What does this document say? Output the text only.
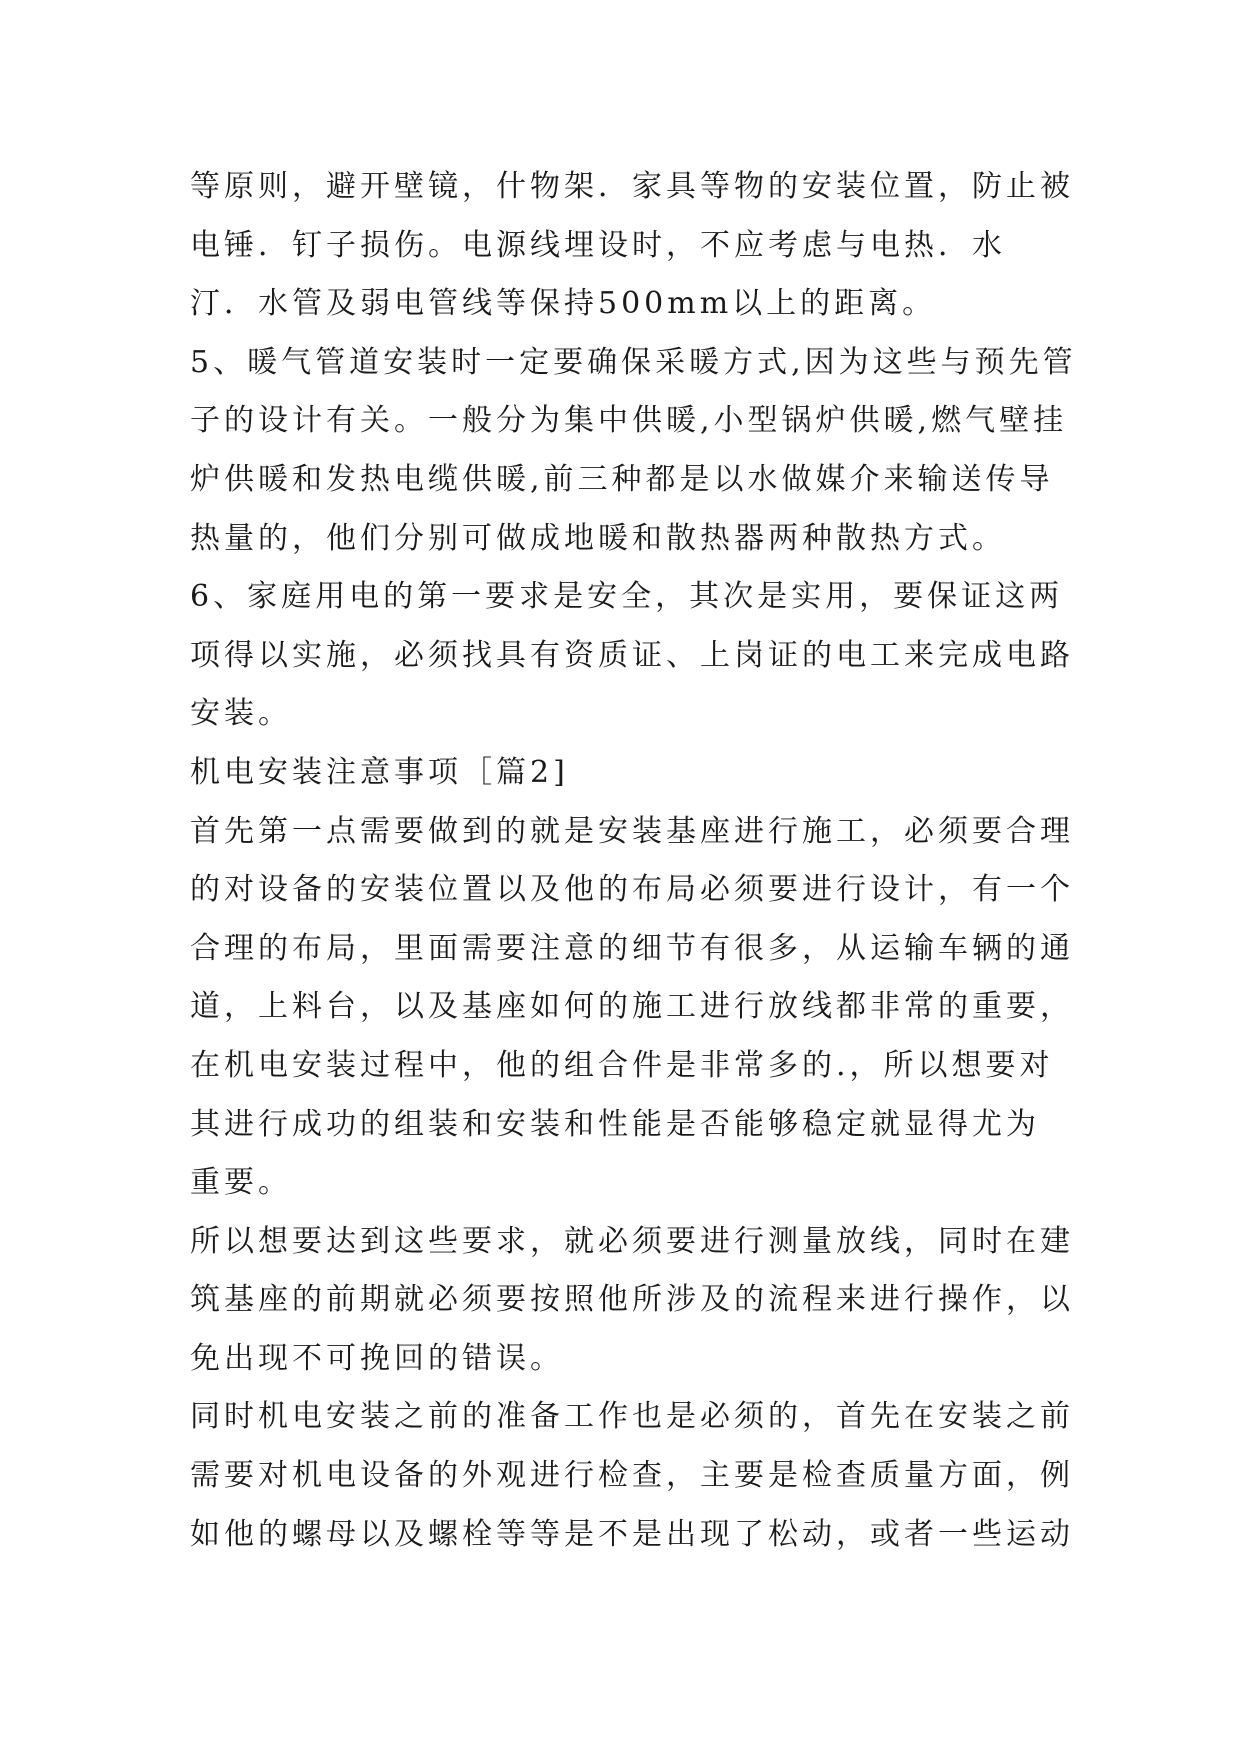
等原则，避开壁镜，什物架．家具等物的安装位置，防止被
电锤．钉子损伤。电源线埋设时，不应考虑与电热．水
汀．水管及弱电管线等保持500mm以上的距离。
5、暖气管道安装时一定要确保采暖方式,因为这些与预先管
子的设计有关。一般分为集中供暖,小型锅炉供暖,燃气壁挂
炉供暖和发热电缆供暖,前三种都是以水做媒介来输送传导
热量的，他们分别可做成地暖和散热器两种散热方式。
6、家庭用电的第一要求是安全，其次是实用，要保证这两
项得以实施，必须找具有资质证、上岗证的电工来完成电路
安装。
机电安装注意事项［篇2]
首先第一点需要做到的就是安装基座进行施工，必须要合理
的对设备的安装位置以及他的布局必须要进行设计，有一个
合理的布局，里面需要注意的细节有很多，从运输车辆的通
道，上料台，以及基座如何的施工进行放线都非常的重要，
在机电安装过程中，他的组合件是非常多的.，所以想要对
其进行成功的组装和安装和性能是否能够稳定就显得尤为
重要。
所以想要达到这些要求，就必须要进行测量放线，同时在建
筑基座的前期就必须要按照他所涉及的流程来进行操作，以
免出现不可挽回的错误。
同时机电安装之前的准备工作也是必须的，首先在安装之前
需要对机电设备的外观进行检查，主要是检查质量方面，例
如他的螺母以及螺栓等等是不是出现了松动，或者一些运动
